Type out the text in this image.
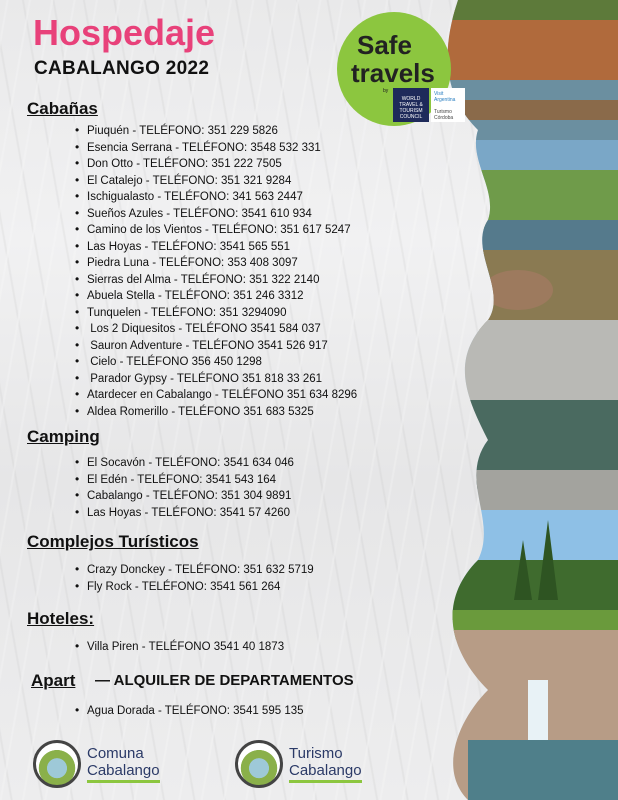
Hospedaje
CABALANGO 2022
Safe
travels
by
WORLD TRAVEL & TOURISM COUNCIL
Visit Argentina
Turismo Córdoba
Cabañas
• Piuquén - TELÉFONO: 351 229 5826
• Esencia Serrana - TELÉFONO: 3548 532 331
• Don Otto - TELÉFONO: 351 222 7505
• El Catalejo - TELÉFONO: 351 321 9284
• Ischigualasto - TELÉFONO: 341 563 2447
• Sueños Azules - TELÉFONO: 3541 610 934
• Camino de los Vientos - TELÉFONO: 351 617 5247
• Las Hoyas - TELÉFONO: 3541 565 551
• Piedra Luna - TELÉFONO: 353 408 3097
• Sierras del Alma - TELÉFONO: 351 322 2140
• Abuela Stella - TELÉFONO: 351 246 3312
• Tunquelen - TELÉFONO: 351 3294090
• Los 2 Diquesitos - TELÉFONO 3541 584 037
• Sauron Adventure - TELÉFONO 3541 526 917
• Cielo - TELÉFONO 356 450 1298
• Parador Gypsy - TELÉFONO 351 818 33 261
• Atardecer en Cabalango - TELÉFONO 351 634 8296
• Aldea Romerillo - TELÉFONO 351 683 5325
Camping
• El Socavón - TELÉFONO: 3541 634 046
• El Edén - TELÉFONO: 3541 543 164
• Cabalango - TELÉFONO: 351 304 9891
• Las Hoyas - TELÉFONO: 3541 57 4260
Complejos Turísticos
• Crazy Donckey - TELÉFONO: 351 632 5719
• Fly Rock - TELÉFONO: 3541 561 264
Hoteles:
• Villa Piren - TELÉFONO 3541 40 1873
Apart — ALQUILER DE DEPARTAMENTOS
• Agua Dorada - TELÉFONO: 3541 595 135
Comuna
Cabalango
Turismo
Cabalango
